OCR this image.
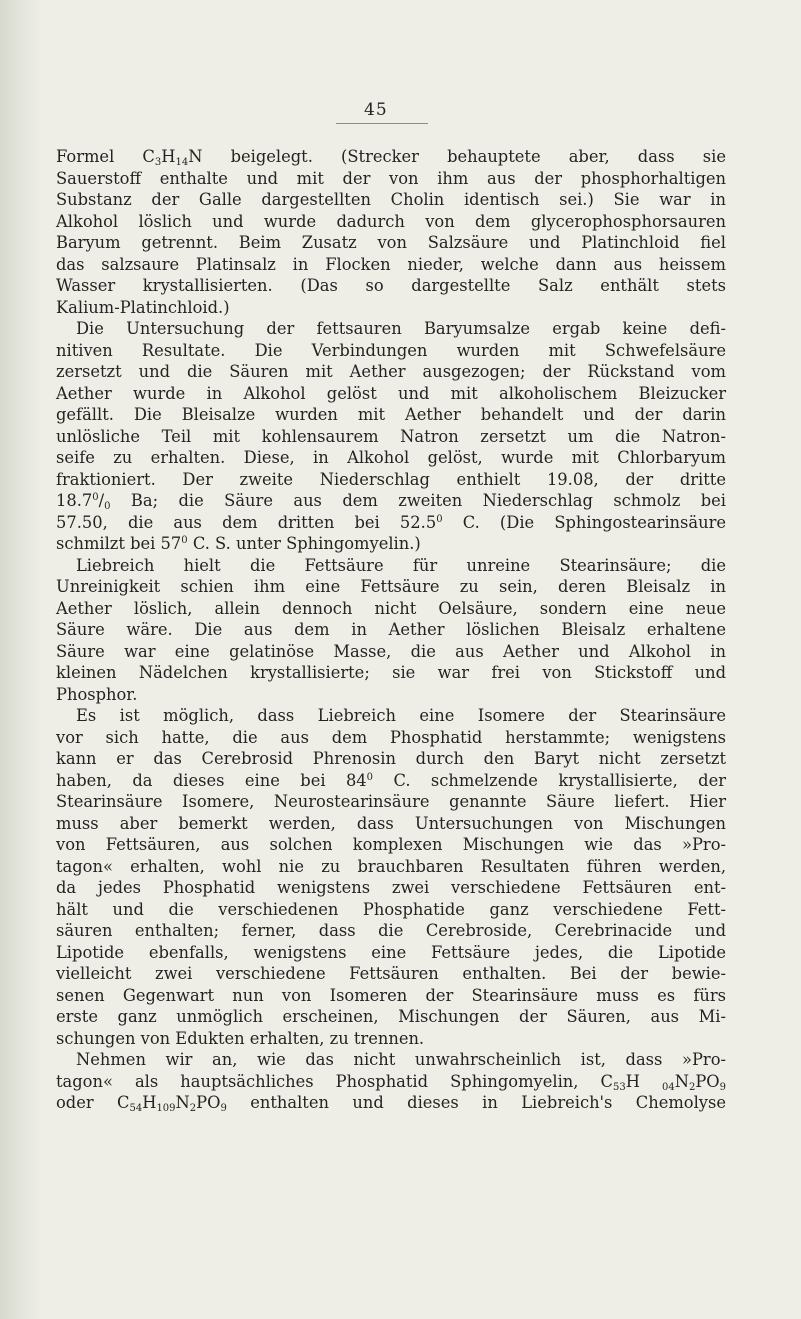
45
Formel $C_3H_{14}N$ beigelegt. (Strecker behauptete aber, dass sie
Sauerstoff enthalte und mit der von ihm aus der phosphorhaltigen
Substanz der Galle dargestellten Cholin identisch sei.) Sie war in
Alkohol löslich und wurde dadurch von dem glycerophosphorsauren
Baryum getrennt. Beim Zusatz von Salzsäure und Platinchloid fiel
das salzsaure Platinsalz in Flocken nieder, welche dann aus heissem
Wasser krystallisierten. (Das so dargestellte Salz enthält stets
Kalium-Platinchloid.)
Die Untersuchung der fettsauren Baryumsalze ergab keine defi-
nitiven Resultate. Die Verbindungen wurden mit Schwefelsäure
zersetzt und die Säuren mit Aether ausgezogen; der Rückstand vom
Aether wurde in Alkohol gelöst und mit alkoholischem Bleizucker
gefällt. Die Bleisalze wurden mit Aether behandelt und der darin
unlösliche Teil mit kohlensaurem Natron zersetzt um die Natron-
seife zu erhalten. Diese, in Alkohol gelöst, wurde mit Chlorbaryum
fraktioniert. Der zweite Niederschlag enthielt 19.08, der dritte
$18.7^0/_0$ Ba; die Säure aus dem zweiten Niederschlag schmolz bei
57.50, die aus dem dritten bei 52.5$^0$ C. (Die Sphingostearinsäure
schmilzt bei $57^0$ C. S. unter Sphingomyelin.)
Liebreich hielt die Fettsäure für unreine Stearinsäure; die
Unreinigkeit schien ihm eine Fettsäure zu sein, deren Bleisalz in
Aether löslich, allein dennoch nicht Oelsäure, sondern eine neue
Säure wäre. Die aus dem in Aether löslichen Bleisalz erhaltene
Säure war eine gelatinöse Masse, die aus Aether und Alkohol in
kleinen Nädelchen krystallisierte; sie war frei von Stickstoff und
Phosphor.
Es ist möglich, dass Liebreich eine Isomere der Stearinsäure
vor sich hatte, die aus dem Phosphatid herstammte; wenigstens
kann er das Cerebrosid Phrenosin durch den Baryt nicht zersetzt
haben, da dieses eine bei $84^0$ C. schmelzende krystallisierte, der
Stearinsäure Isomere, Neurostearinsäure genannte Säure liefert. Hier
muss aber bemerkt werden, dass Untersuchungen von Mischungen
von Fettsäuren, aus solchen komplexen Mischungen wie das »Pro-
tagon« erhalten, wohl nie zu brauchbaren Resultaten führen werden,
da jedes Phosphatid wenigstens zwei verschiedene Fettsäuren ent-
hält und die verschiedenen Phosphatide ganz verschiedene Fett-
säuren enthalten; ferner, dass die Cerebroside, Cerebrinacide und
Lipotide ebenfalls, wenigstens eine Fettsäure jedes, die Lipotide
vielleicht zwei verschiedene Fettsäuren enthalten. Bei der bewie-
senen Gegenwart nun von Isomeren der Stearinsäure muss es fürs
erste ganz unmöglich erscheinen, Mischungen der Säuren, aus Mi-
schungen von Edukten erhalten, zu trennen.
Nehmen wir an, wie das nicht unwahrscheinlich ist, dass »Pro-
tagon« als hauptsächliches Phosphatid Sphingomyelin, $C_{53}H$ $_{04}N_2PO_9$
oder $C_{54}H_{109}N_2PO_9$ enthalten und dieses in Liebreich's Chemolyse
